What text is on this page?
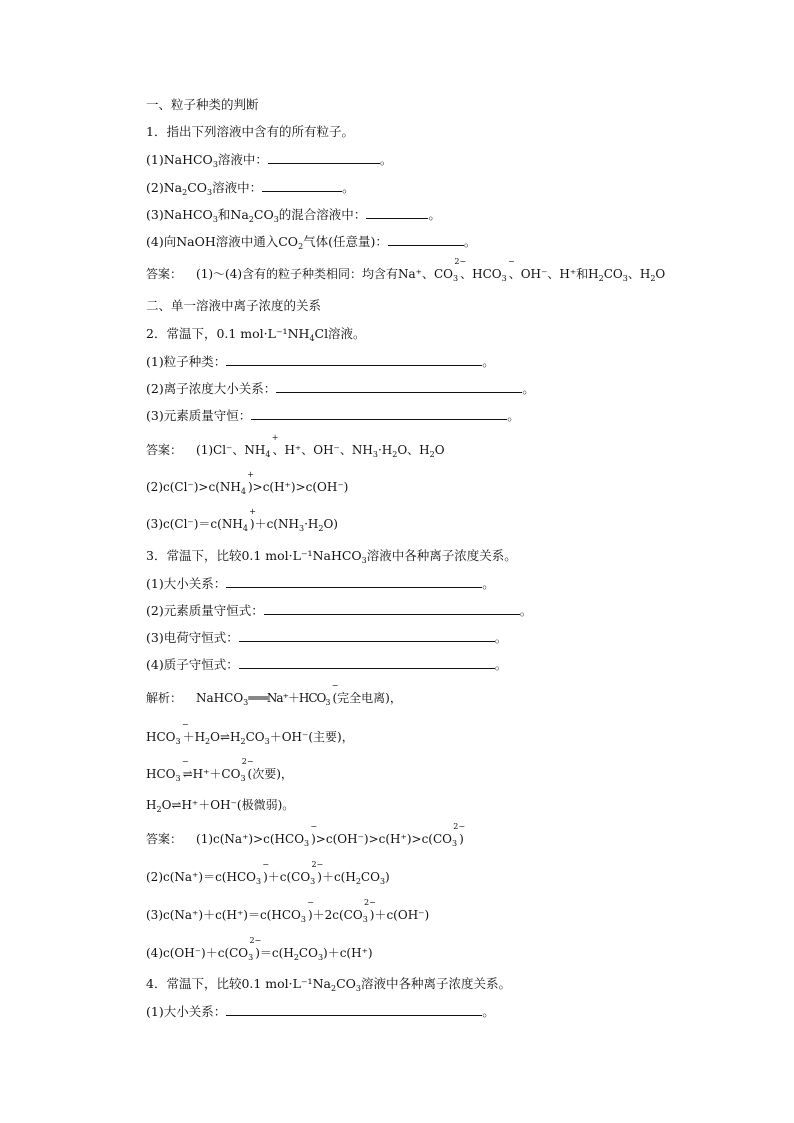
一、粒子种类的判断
1．指出下列溶液中含有的所有粒子。
(1)NaHCO$_3$溶液中：	。
$(2)Na_2CO_3$溶液中：	。
(3)NaHCO$_3$和$Na_2CO_3$的混合溶液中：	。
(4)向NaOH溶液中通入$CO_2$气体(任意量)：	。
答案： (1)～(4)含有的粒子种类相同：均含有Na⁺、$CO_3$
2−
、$HCO_3$
−
、OH⁻、H⁺和$H_2CO_3$、$H_2O$
二、单一溶液中离子浓度的关系
2．常温下，0.1 $mol\cdot L^{-1}NH_4Cl$溶液。
(1)粒子种类：	。
(2)离子浓度大小关系：	。
(3)元素质量守恒：	。
答案： (1)Cl⁻、$NH_4$
+
、H⁺、OH⁻、$NH_3\cdot H_2O$、$H_2O$
$(2)c(Cl^-)>c(NH_4$
+
)>c(H⁺)>c(OH⁻)
$(3)c(Cl^-)=c(NH_4$
+
)$+c(NH_3\cdot H_2O)$
3．常温下，比较0.1 mol·L⁻¹NaHCO$_3$溶液中各种离子浓度关系。
(1)大小关系：	。
(2)元素质量守恒式：	。
(3)电荷守恒式：	。
(4)质子守恒式：	。
解析： $NaHCO_3═══Na^++HCO_3$
−
(完全电离)，
$HCO_3$
−
$+H_2O\rightleftharpoons H_2CO_3+OH^-$(主要)，
$HCO_3$
−
$\rightleftharpoons H^++CO_3$
2−
(次要)，
$H_2O\rightleftharpoons H^++OH^-$(极微弱)。
答案： $(1)c(Na^+)>c(HCO_3$
−
)$>c(OH^-)>c(H^+)>c(CO_3$
2−
)
$(2)c(Na^+)=c(HCO_3$
−
)$+c(CO_3$
2−
)$+c(H_2CO_3)$
$(3)c(Na^+)+c(H^+)=c(HCO_3$
−
)$+2c(CO_3$
2−
)＋c(OH⁻)
$(4)c(OH^-)+c(CO_3$
2−
)$=c(H_2CO_3)+c(H^+)$
4．常温下，比较0.1 $mol\cdot L^{-1}Na_2CO_3$溶液中各种离子浓度关系。
(1)大小关系：	。
